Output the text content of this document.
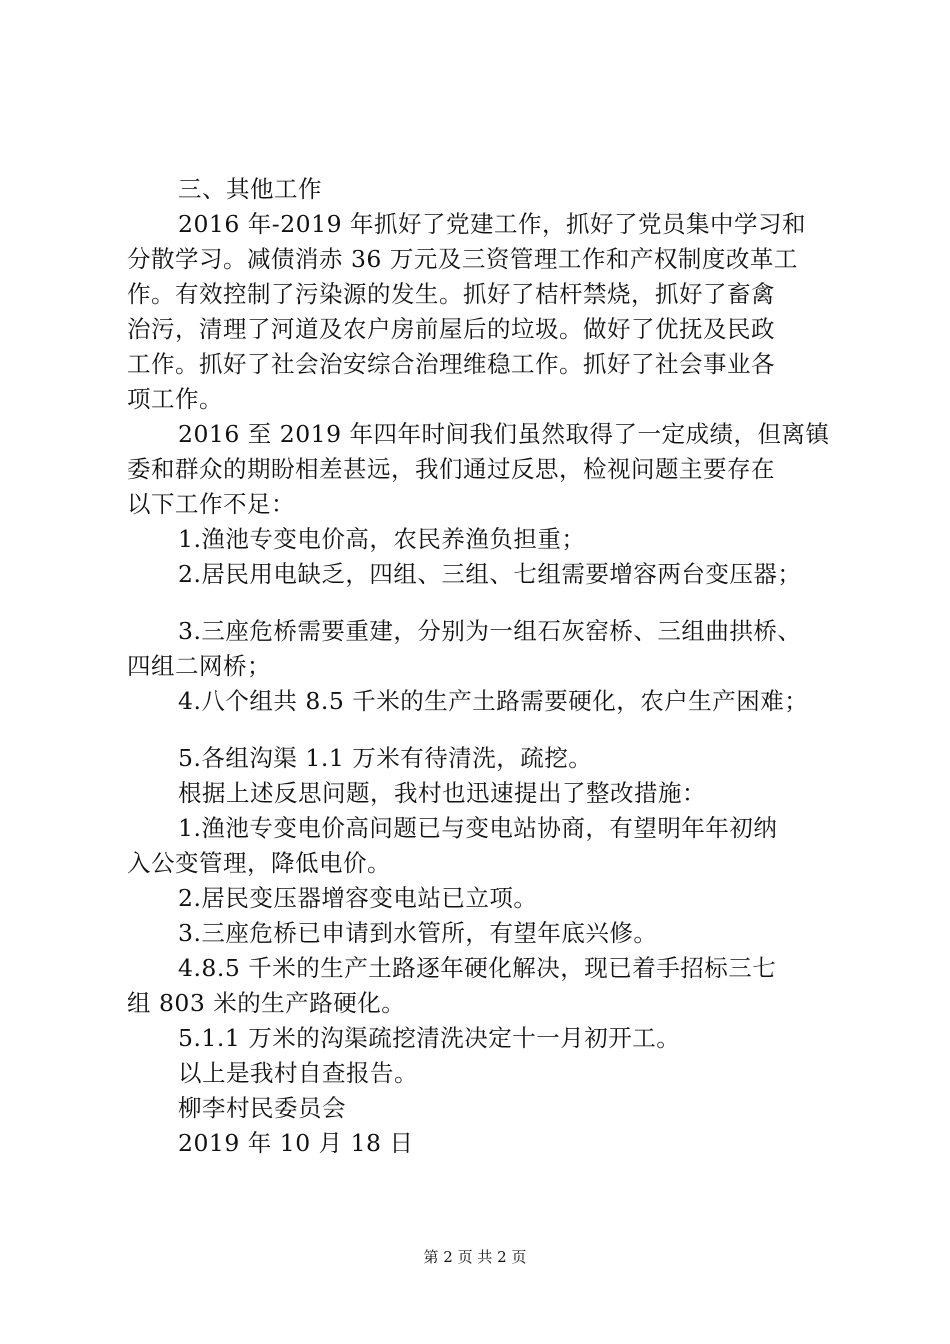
三、其他工作
2016 年-2019 年抓好了党建工作，抓好了党员集中学习和
分散学习。减债消赤 36 万元及三资管理工作和产权制度改革工
作。有效控制了污染源的发生。抓好了桔杆禁烧，抓好了畜禽
治污，清理了河道及农户房前屋后的垃圾。做好了优抚及民政
工作。抓好了社会治安综合治理维稳工作。抓好了社会事业各
项工作。
2016 至 2019 年四年时间我们虽然取得了一定成绩，但离镇
委和群众的期盼相差甚远，我们通过反思，检视问题主要存在
以下工作不足：
1.渔池专变电价高，农民养渔负担重；
2.居民用电缺乏，四组、三组、七组需要增容两台变压器；
3.三座危桥需要重建，分别为一组石灰窑桥、三组曲拱桥、
四组二网桥；
4.八个组共 8.5 千米的生产土路需要硬化，农户生产困难；
5.各组沟渠 1.1 万米有待清洗，疏挖。
根据上述反思问题，我村也迅速提出了整改措施：
1.渔池专变电价高问题已与变电站协商，有望明年年初纳
入公变管理，降低电价。
2.居民变压器增容变电站已立项。
3.三座危桥已申请到水管所，有望年底兴修。
4.8.5 千米的生产土路逐年硬化解决，现已着手招标三七
组 803 米的生产路硬化。
5.1.1 万米的沟渠疏挖清洗决定十一月初开工。
以上是我村自查报告。
柳李村民委员会
2019 年 10 月 18 日
第 2 页 共 2 页
